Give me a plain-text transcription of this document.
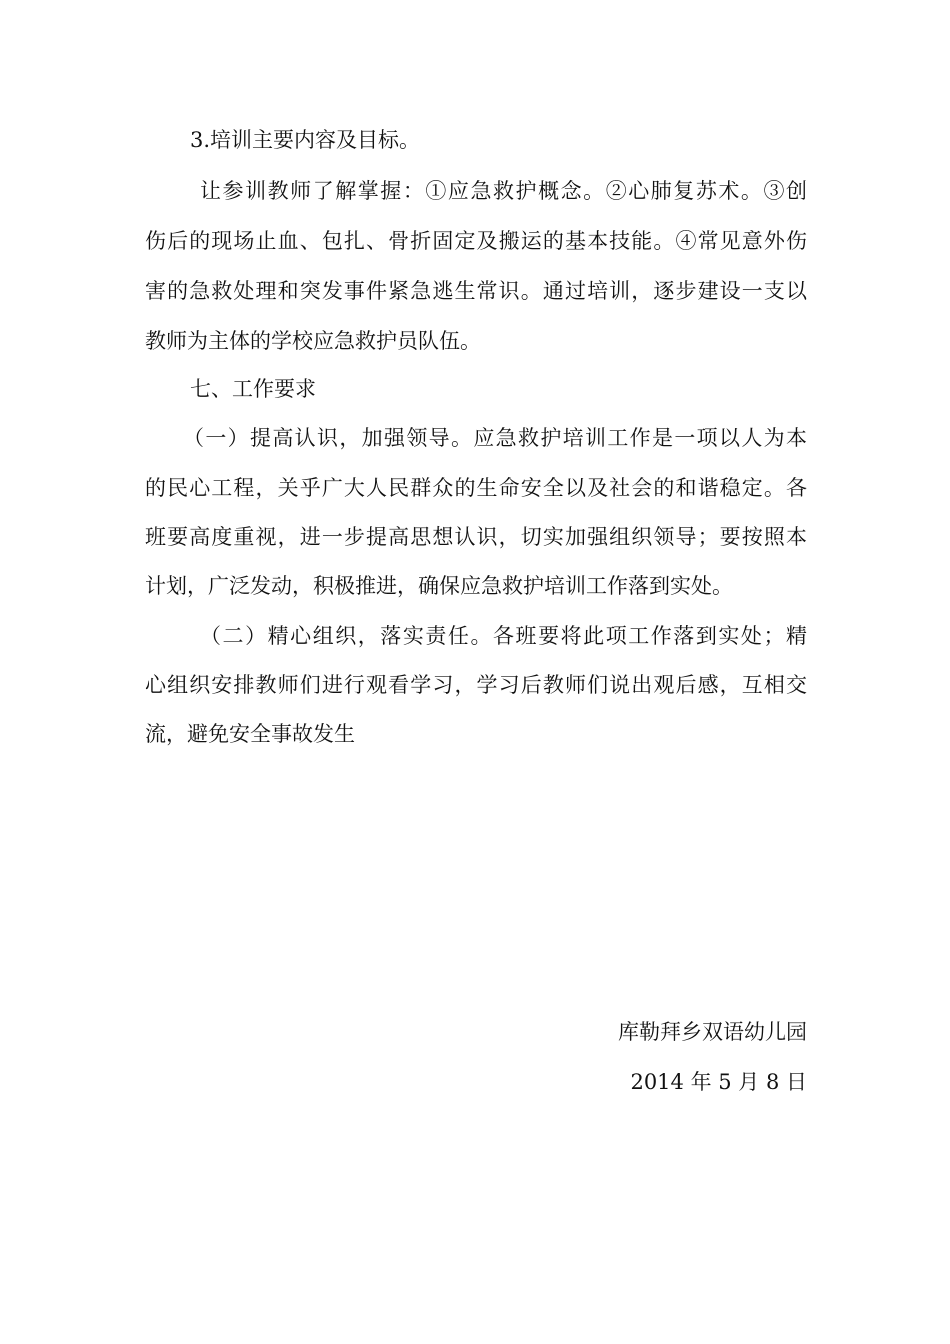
3.培训主要内容及目标。
让参训教师了解掌握：①应急救护概念。②心肺复苏术。③创
伤后的现场止血、包扎、骨折固定及搬运的基本技能。④常见意外伤
害的急救处理和突发事件紧急逃生常识。通过培训，逐步建设一支以
教师为主体的学校应急救护员队伍。
七、工作要求
（一）提高认识，加强领导。应急救护培训工作是一项以人为本
的民心工程，关乎广大人民群众的生命安全以及社会的和谐稳定。各
班要高度重视，进一步提高思想认识，切实加强组织领导；要按照本
计划，广泛发动，积极推进，确保应急救护培训工作落到实处。
（二）精心组织，落实责任。各班要将此项工作落到实处；精
心组织安排教师们进行观看学习，学习后教师们说出观后感，互相交
流，避免安全事故发生
库勒拜乡双语幼儿园
2014 年 5 月 8 日
